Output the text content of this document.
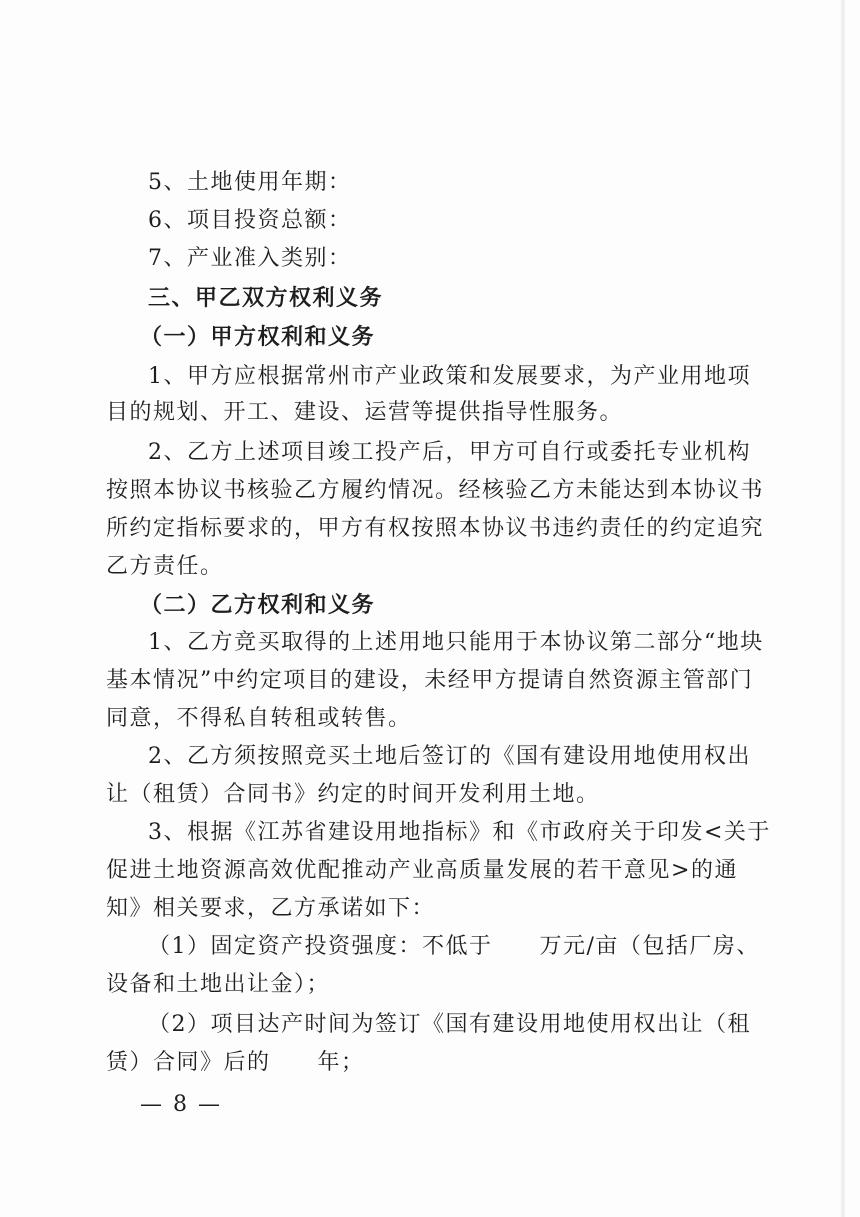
5、土地使用年期：
6、项目投资总额：
7、产业准入类别：
三、甲乙双方权利义务
（一）甲方权利和义务
1、甲方应根据常州市产业政策和发展要求，为产业用地项
目的规划、开工、建设、运营等提供指导性服务。
2、乙方上述项目竣工投产后，甲方可自行或委托专业机构
按照本协议书核验乙方履约情况。经核验乙方未能达到本协议书
所约定指标要求的，甲方有权按照本协议书违约责任的约定追究
乙方责任。
（二）乙方权利和义务
1、乙方竞买取得的上述用地只能用于本协议第二部分“地块
基本情况”中约定项目的建设，未经甲方提请自然资源主管部门
同意，不得私自转租或转售。
2、乙方须按照竞买土地后签订的《国有建设用地使用权出
让（租赁）合同书》约定的时间开发利用土地。
3、根据《江苏省建设用地指标》和《市政府关于印发<关于
促进土地资源高效优配推动产业高质量发展的若干意见>的通
知》相关要求，乙方承诺如下：
（1）固定资产投资强度：不低于　　万元/亩（包括厂房、
设备和土地出让金）；
（2）项目达产时间为签订《国有建设用地使用权出让（租
赁）合同》后的　　年；
— 8 —
